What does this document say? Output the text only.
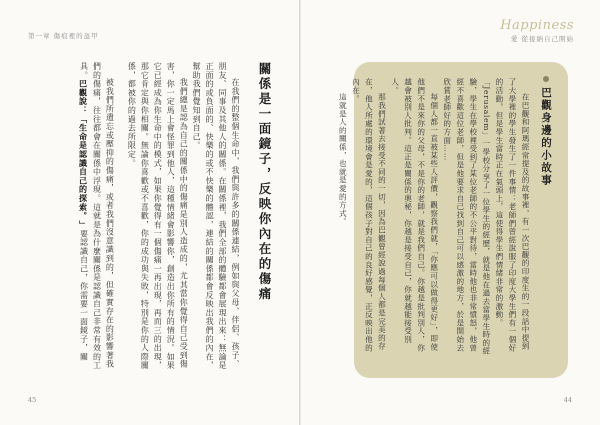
第一章 傷痕裡的盔甲
關係是一面鏡子，反映你內在的傷痛

在我們的整個生命中，我們與許多的關係連結，例如與父母、伴侶、孩子、朋友、同事及其他人的關係。在關係裡，我們全部的體驗都會展現出來：無論是正面的或負面的、快樂的或不快樂的體認，連結的關係都會反映出我們的內在，幫助我們覺知到自己。

我們總是認為自己的關係中的傷痛是別人造成的，尤其當你覺得自己受到傷害，你一定馬上會怪罪到他人，這種情緒會影響你，創造出你所有的情況。如果它已經成為你生命中的模式，如果你覺得有一個傷痛一再出現，再而三的出現，那它肯定與你相關。無論你喜歡或不喜歡，你的成功與失敗，特別是你的人際關係，都被你的過去所限定。

被我們所遺忘或壓抑的傷痛，或者我們沒意識到的，但確實存在的影響著我們的傷痛，往往都會在關係中浮現。這就是為什麼關係是認識自己非常有效的工具。巴觀說：「生命是認識自己的探索。」要認識自己，你需要一面鏡子，關

45
Happiness
愛 從接納自己開始
巴觀身邊的小故事

在巴觀和阿瑪經常提及的故事裡，有一次巴觀的印度生的一段話中提到了大學裡的學生發生了一件事情：老師們曾經說服了印度大學生們有一個好的活動，但是學生當時正在氣頭上，這使得學生們情緒非常的激動。「Jerusalem」一學校分享了一位學生的經歷，就是他在過去當學生時的經驗，學生在學校裡受到了某位老師的不公平對待，當時他也非常憤怒，他曾經不喜歡這位老師，但是他要求自己找到自己可以感激的地方，於是開始去欣賞老師好的方面……

每個人都一直被某些人評價，觀察我們就，「你應可以做得更好」，即使他們不是來你的父母，不是你的老師，就是我們自己。你越是批判別人，你越會被別人批判。這正是關係的奧秘，你越是接受自己，你就越能接受別人。

那我們試著去接受不同的一切，因為巴觀曾經說過每個人都是完美的存在，他人所處的環境會是愛的，這個孩子對自己的良好感覺，正反映出他的內在。

這就是人的關係，也就是愛的方式。

44
